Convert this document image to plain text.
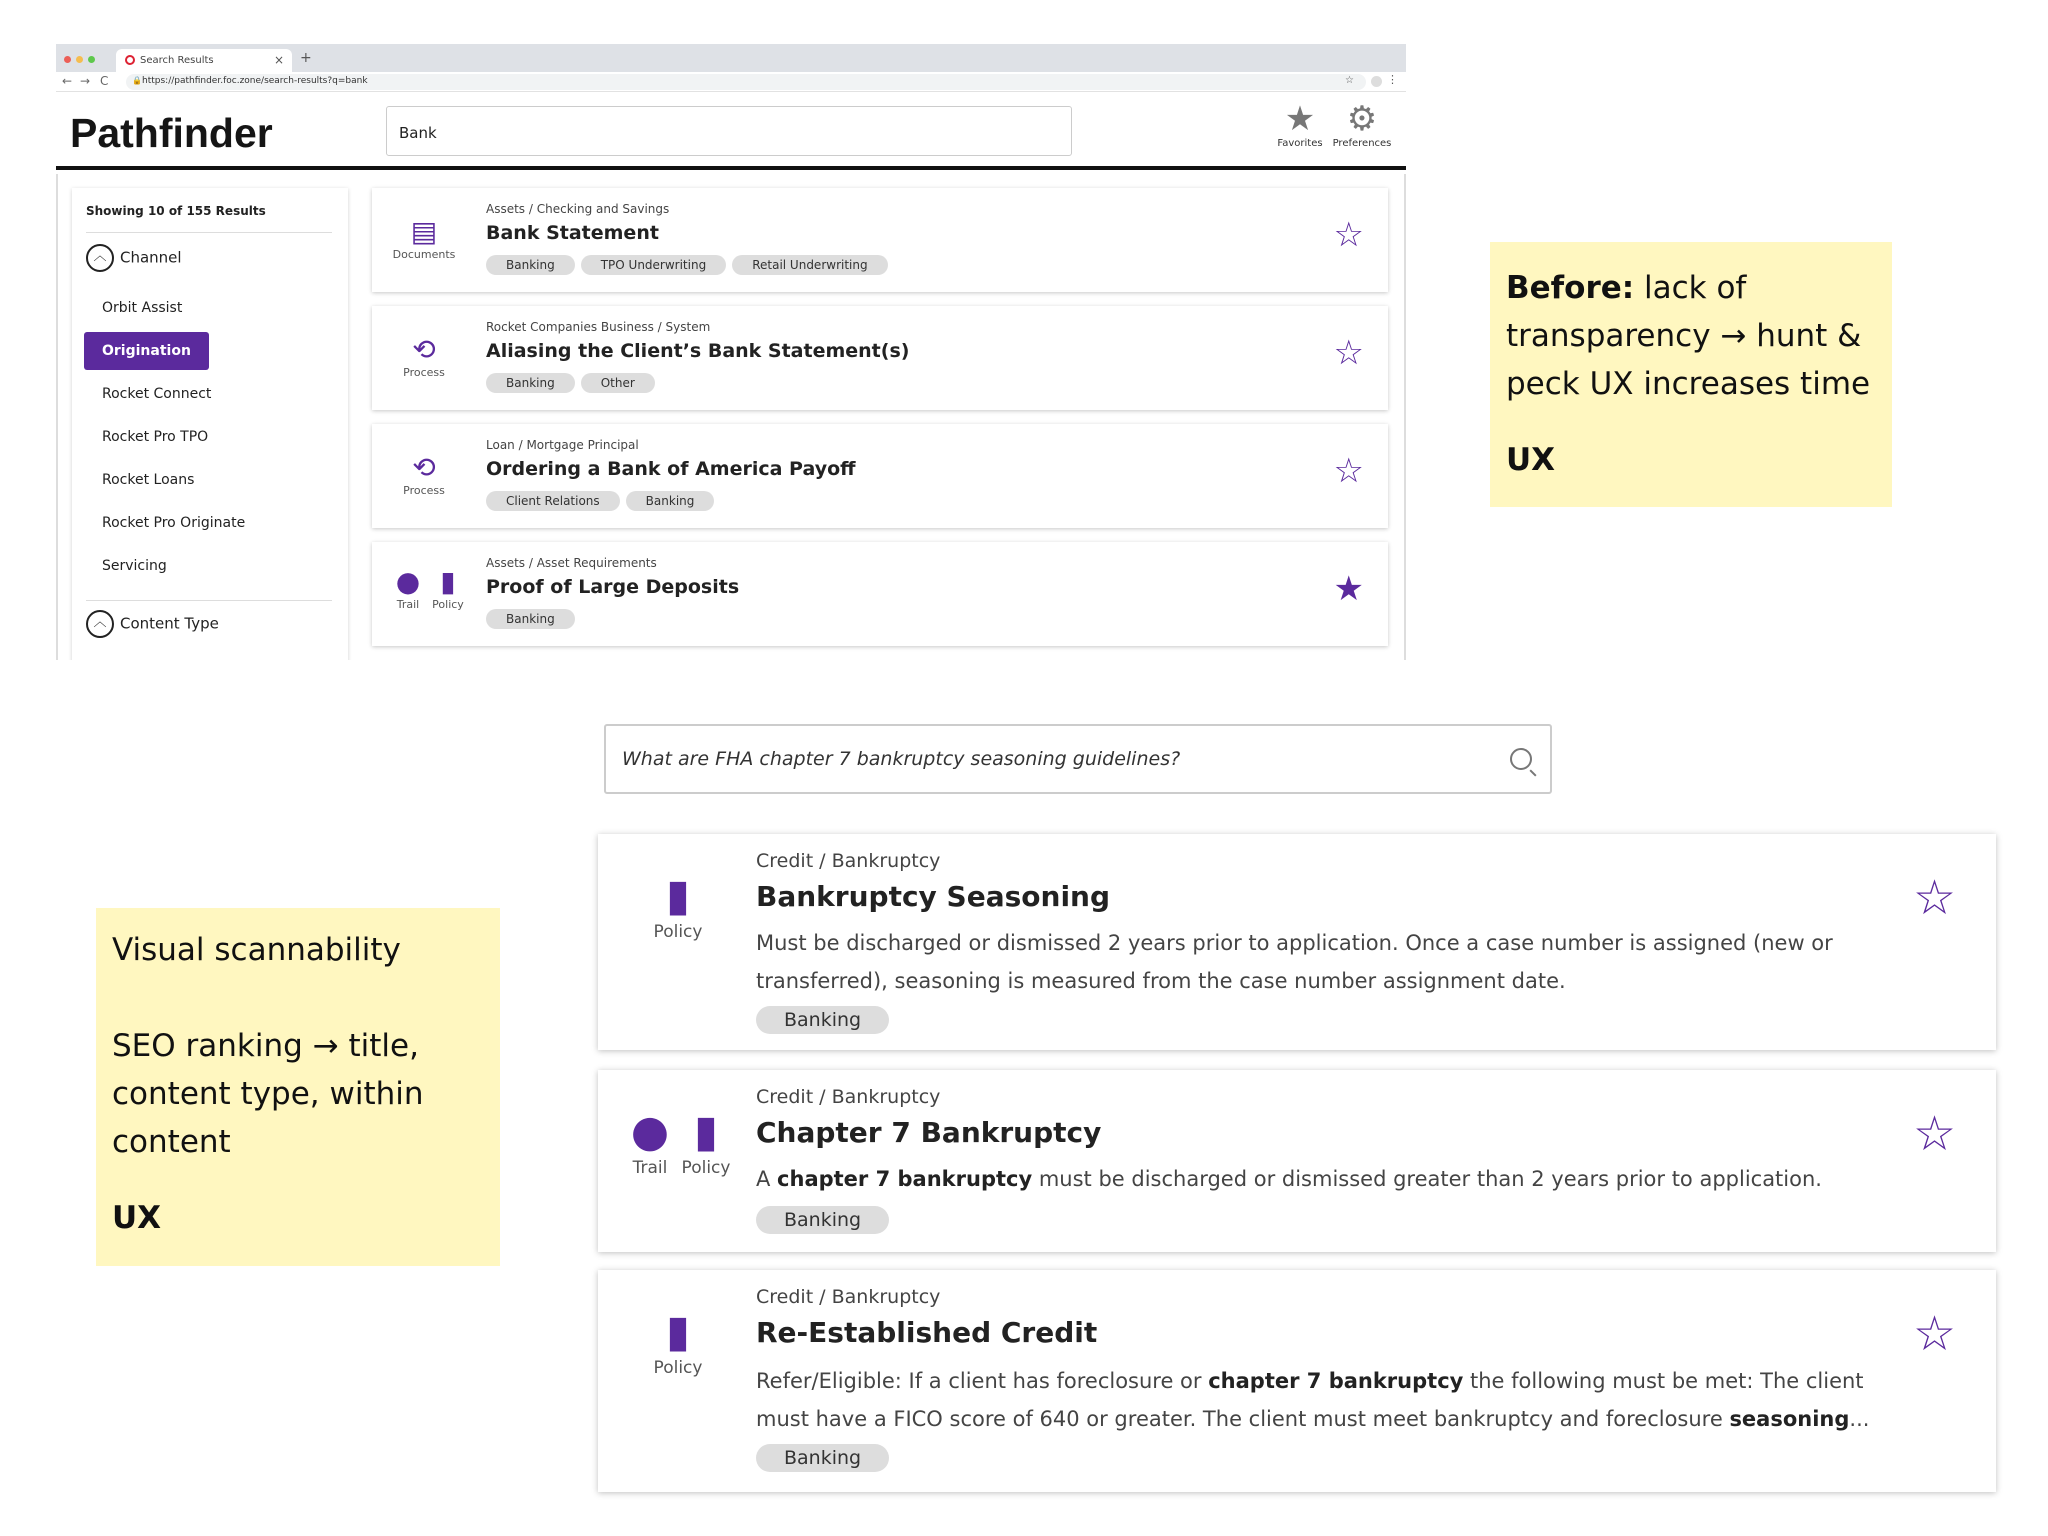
Search Results	× +
← → C	🔒 https://pathfinder.foc.zone/search-results?q=bank	☆	⋮
Pathfinder	Bank	★
Favorites
⚙
Preferences
Showing 10 of 155 Results
︿ Channel
Orbit Assist
Origination
Rocket Connect
Rocket Pro TPO
Rocket Loans
Rocket Pro Originate
Servicing
︿ Content Type
▤
Documents
Assets / Checking and Savings
Bank Statement
Banking	TPO Underwriting	Retail Underwriting
☆
⟲
Process
Rocket Companies Business / System
Aliasing the Client’s Bank Statement(s)
Banking	Other
☆
⟲
Process
Loan / Mortgage Principal
Ordering a Bank of America Payoff
Client Relations	Banking
☆
●
Trail
▮
Policy
Assets / Asset Requirements
Proof of Large Deposits
Banking
★

Before: lack of transparency → hunt & peck UX increases time

UX

Visual scannability

SEO ranking → title, content type, within content

UX

What are FHA chapter 7 bankruptcy seasoning guidelines?
▮
Policy
Credit / Bankruptcy
Bankruptcy Seasoning
Must be discharged or dismissed 2 years prior to application. Once a case number is assigned (new or transferred), seasoning is measured from the case number assignment date.
Banking
☆
●
Trail
▮
Policy
Credit / Bankruptcy
Chapter 7 Bankruptcy
A chapter 7 bankruptcy must be discharged or dismissed greater than 2 years prior to application.
Banking
☆
▮
Policy
Credit / Bankruptcy
Re-Established Credit
Refer/Eligible: If a client has foreclosure or chapter 7 bankruptcy the following must be met: The client must have a FICO score of 640 or greater. The client must meet bankruptcy and foreclosure seasoning...
Banking
☆
